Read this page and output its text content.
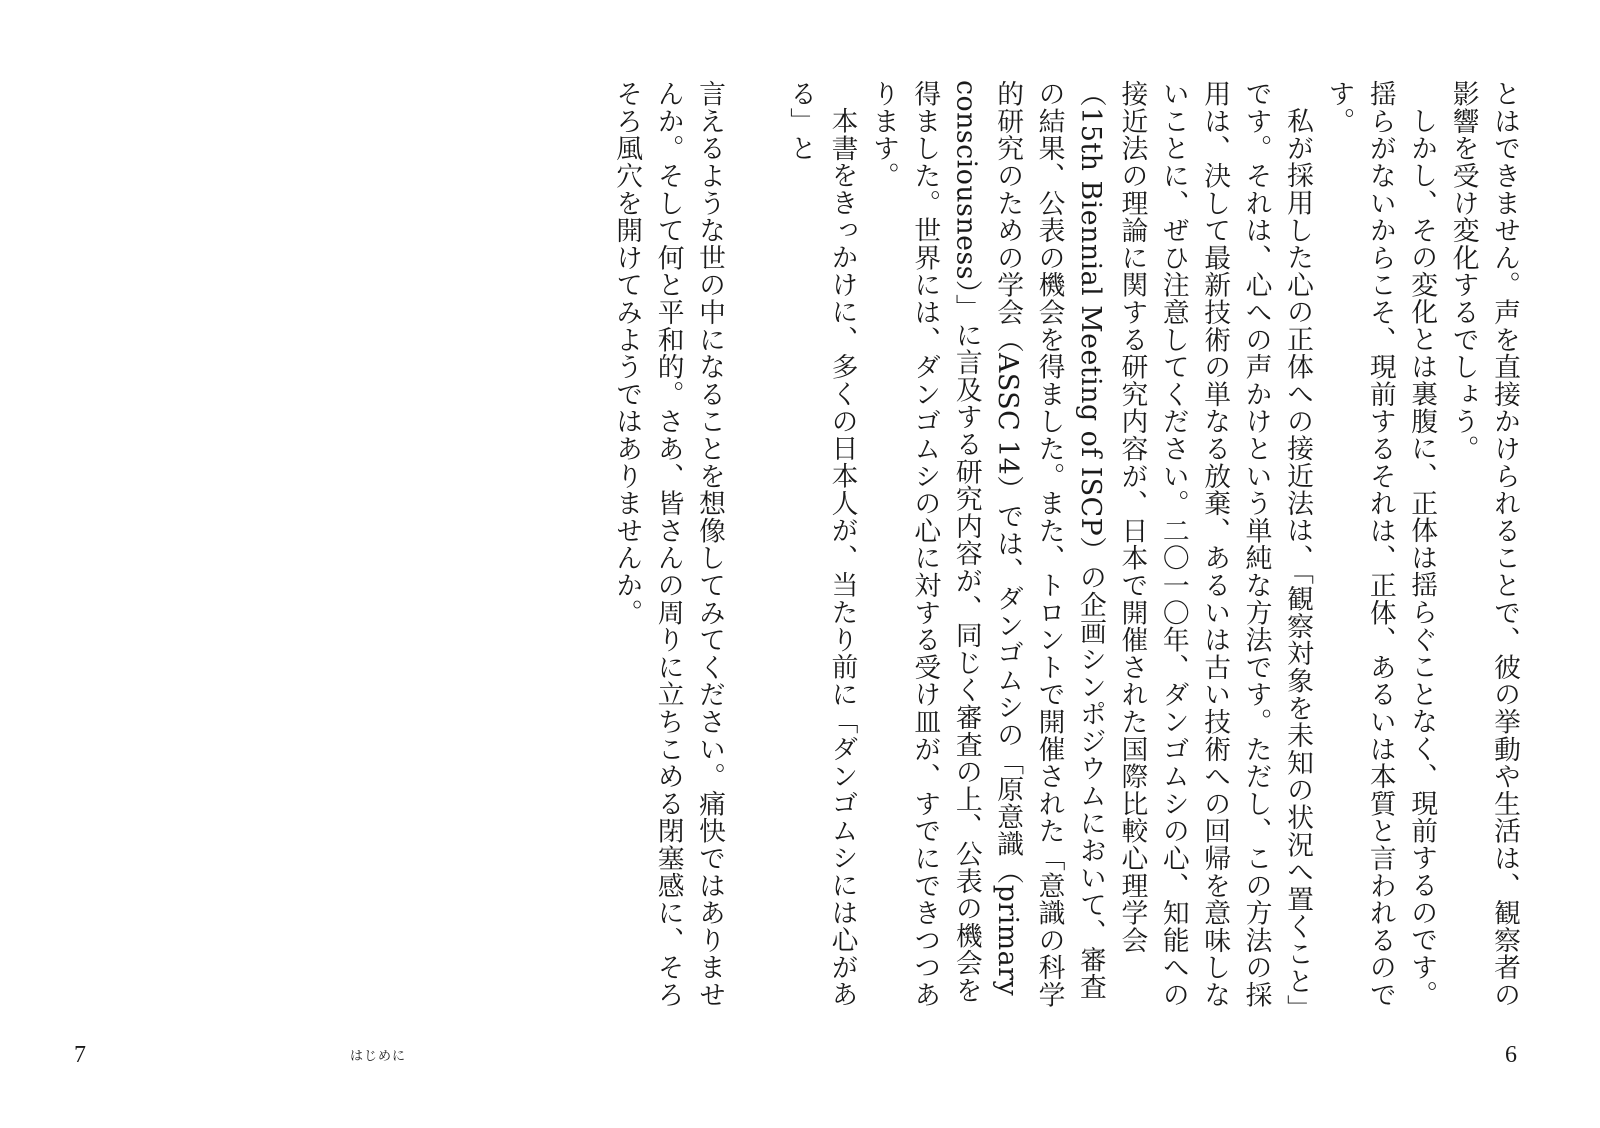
とはできません。声を直接かけられることで、彼の挙動や生活は、観察者の影響を受け変化するでしょう。

しかし、その変化とは裏腹に、正体は揺らぐことなく、現前するのです。揺らがないからこそ、現前するそれは、正体、あるいは本質と言われるのです。

私が採用した心の正体への接近法は、「観察対象を未知の状況へ置くこと」です。それは、心への声かけという単純な方法です。ただし、この方法の採用は、決して最新技術の単なる放棄、あるいは古い技術への回帰を意味しないことに、ぜひ注意してください。二〇一〇年、ダンゴムシの心、知能への接近法の理論に関する研究内容が、日本で開催された国際比較心理学会（15th Biennial Meeting of ISCP）の企画シンポジウムにおいて、審査の結果、公表の機会を得ました。また、トロントで開催された「意識の科学的研究のための学会（ASSC 14）では、ダンゴムシの「原意識（primary consciousness）」に言及する研究内容が、同じく審査の上、公表の機会を得ました。世界には、ダンゴムシの心に対する受け皿が、すでにできつつあります。

本書をきっかけに、多くの日本人が、当たり前に「ダンゴムシには心がある」と

言えるような世の中になることを想像してみてください。痛快ではありませんか。そして何と平和的。さあ、皆さんの周りに立ちこめる閉塞感に、そろそろ風穴を開けてみようではありませんか。

7	はじめに	6
